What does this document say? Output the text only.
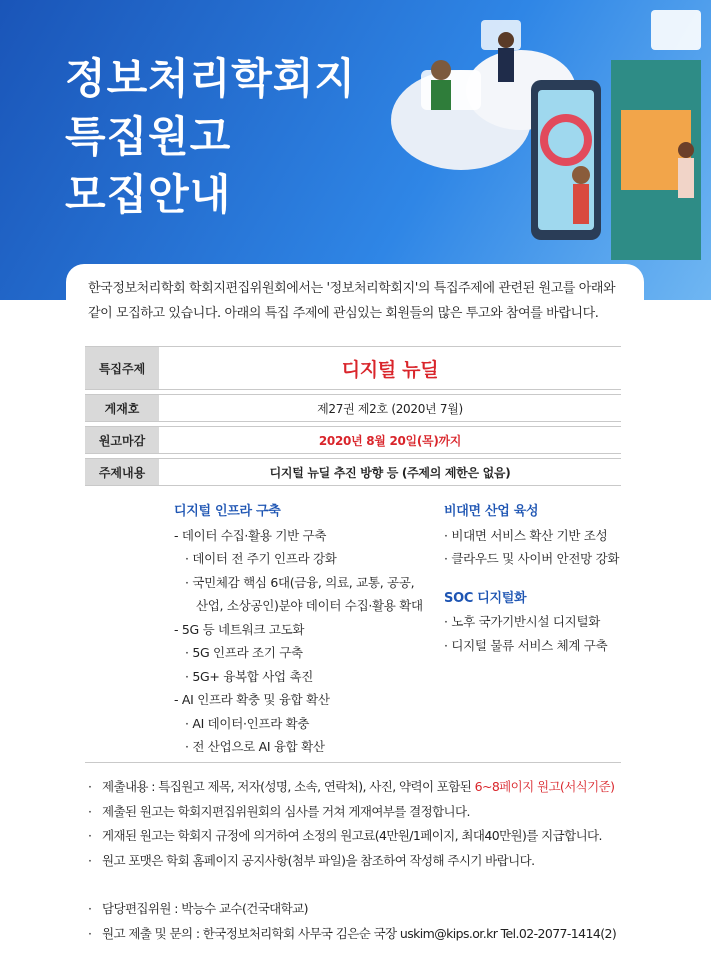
정보처리학회지
특집원고
모집안내

한국정보처리학회 학회지편집위원회에서는 '정보처리학회지'의 특집주제에 관련된 원고를 아래와 같이 모집하고 있습니다. 아래의 특집 주제에 관심있는 회원들의 많은 투고와 참여를 바랍니다.

특집주제	디지털 뉴딜
게재호	제27권 제2호 (2020년 7월)
원고마감	2020년 8월 20일(목)까지
주제내용	디지털 뉴딜 추진 방향 등 (주제의 제한은 없음)
디지털 인프라 구축
- 데이터 수집·활용 기반 구축
· 데이터 전 주기 인프라 강화
· 국민체감 핵심 6대(금융, 의료, 교통, 공공,
산업, 소상공인)분야 데이터 수집·활용 확대
- 5G 등 네트워크 고도화
· 5G 인프라 조기 구축
· 5G+ 융복합 사업 촉진
- AI 인프라 확충 및 융합 확산
· AI 데이터·인프라 확충
· 전 산업으로 AI 융합 확산
비대면 산업 육성
· 비대면 서비스 확산 기반 조성
· 클라우드 및 사이버 안전망 강화
SOC 디지털화
· 노후 국가기반시설 디지털화
· 디지털 물류 서비스 체계 구축
· 제출내용 : 특집원고 제목, 저자(성명, 소속, 연락처), 사진, 약력이 포함된 6~8페이지 원고(서식기준)
· 제출된 원고는 학회지편집위원회의 심사를 거쳐 게재여부를 결정합니다.
· 게재된 원고는 학회지 규정에 의거하여 소정의 원고료(4만원/1페이지, 최대40만원)를 지급합니다.
· 원고 포맷은 학회 홈페이지 공지사항(첨부 파일)을 참조하여 작성해 주시기 바랍니다.
· 담당편집위원 : 박능수 교수(건국대학교)
· 원고 제출 및 문의 : 한국정보처리학회 사무국 김은순 국장 uskim@kips.or.kr Tel.02-2077-1414(2)
